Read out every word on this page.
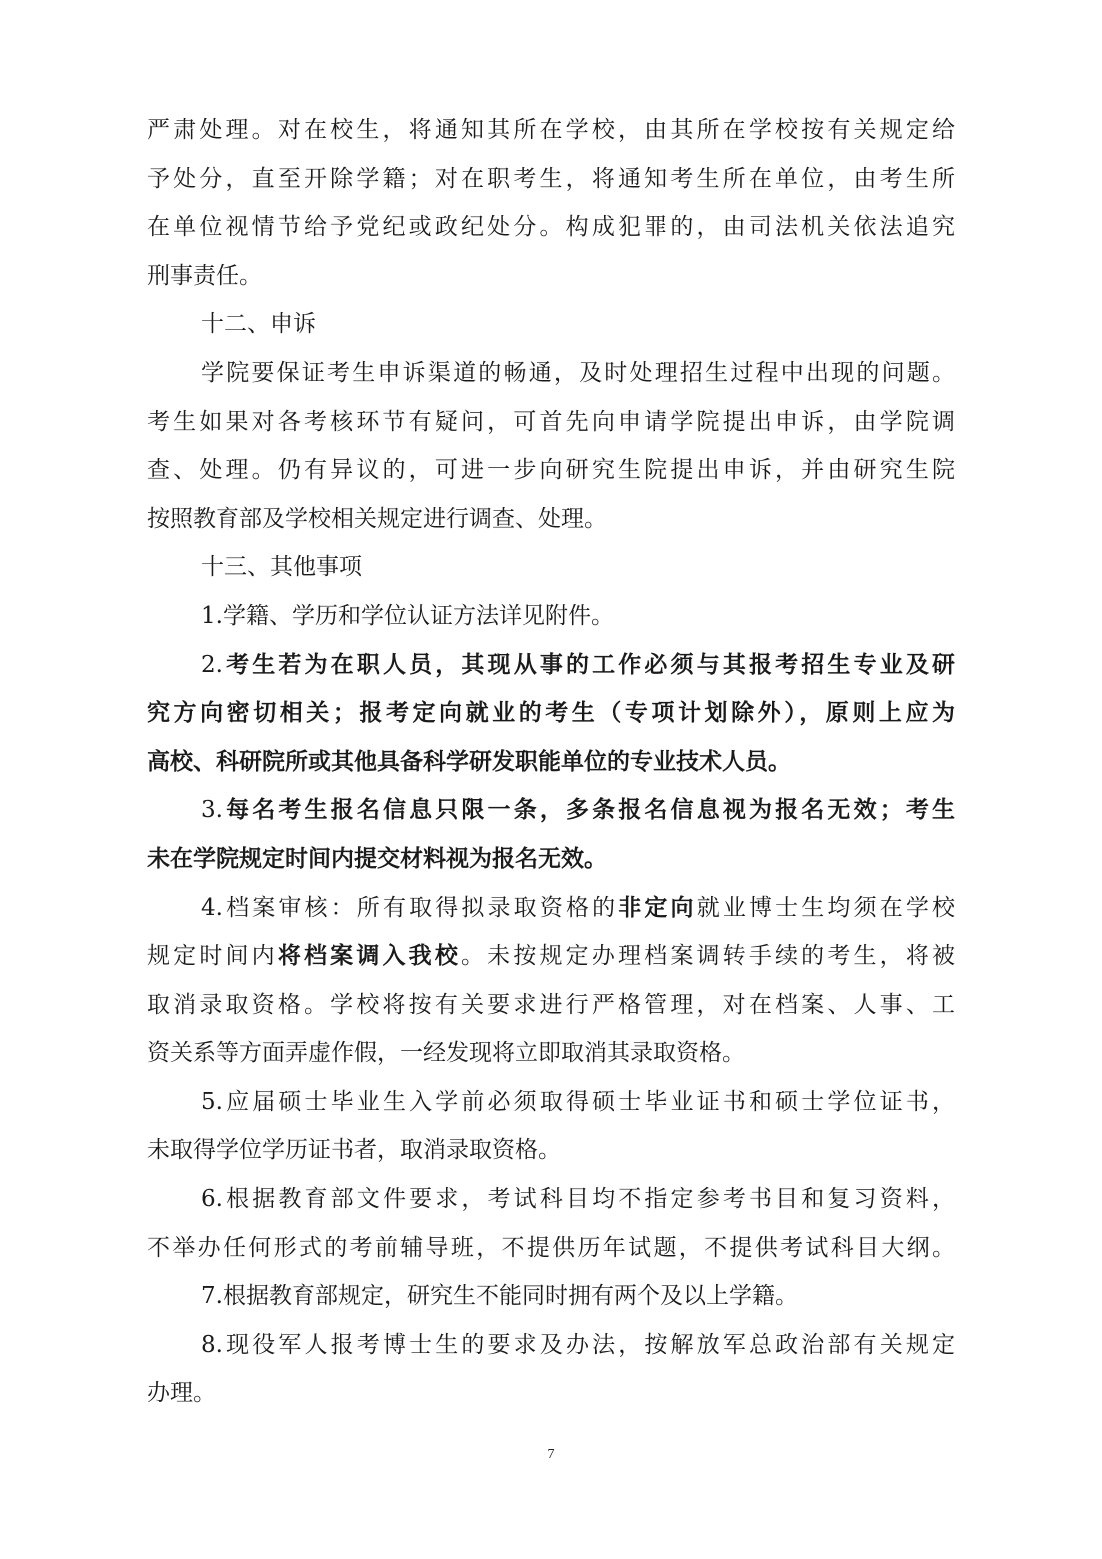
严肃处理。对在校生，将通知其所在学校，由其所在学校按有关规定给
予处分，直至开除学籍；对在职考生，将通知考生所在单位，由考生所
在单位视情节给予党纪或政纪处分。构成犯罪的，由司法机关依法追究
刑事责任。
十二、申诉
学院要保证考生申诉渠道的畅通，及时处理招生过程中出现的问题。
考生如果对各考核环节有疑问，可首先向申请学院提出申诉，由学院调
查、处理。仍有异议的，可进一步向研究生院提出申诉，并由研究生院
按照教育部及学校相关规定进行调查、处理。
十三、其他事项
1.学籍、学历和学位认证方法详见附件。
2.考生若为在职人员，其现从事的工作必须与其报考招生专业及研
究方向密切相关；报考定向就业的考生（专项计划除外），原则上应为
高校、科研院所或其他具备科学研发职能单位的专业技术人员。
3.每名考生报名信息只限一条，多条报名信息视为报名无效；考生
未在学院规定时间内提交材料视为报名无效。
4.档案审核：所有取得拟录取资格的非定向就业博士生均须在学校
规定时间内将档案调入我校。未按规定办理档案调转手续的考生，将被
取消录取资格。学校将按有关要求进行严格管理，对在档案、人事、工
资关系等方面弄虚作假，一经发现将立即取消其录取资格。
5.应届硕士毕业生入学前必须取得硕士毕业证书和硕士学位证书，
未取得学位学历证书者，取消录取资格。
6.根据教育部文件要求，考试科目均不指定参考书目和复习资料，
不举办任何形式的考前辅导班，不提供历年试题，不提供考试科目大纲。
7.根据教育部规定，研究生不能同时拥有两个及以上学籍。
8.现役军人报考博士生的要求及办法，按解放军总政治部有关规定
办理。
7
